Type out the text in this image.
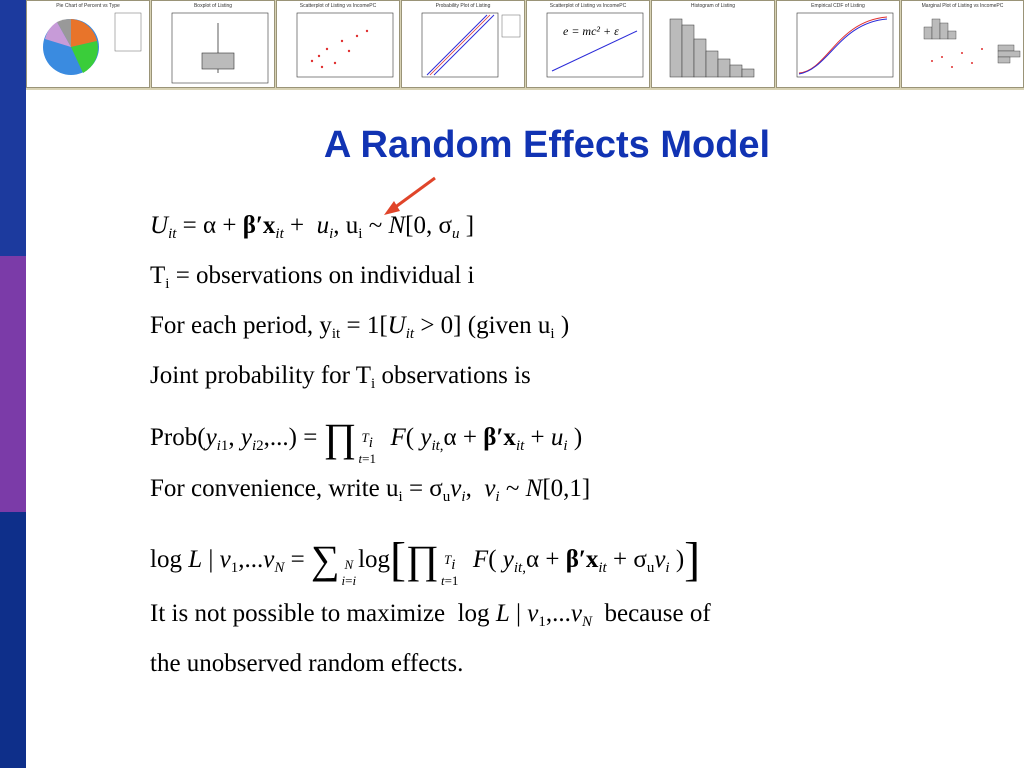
Pie Chart of Percent vs Type	Boxplot of Listing	Scatterplot of Listing vs IncomePC	Probability Plot of Listing	Scatterplot of Listing vs IncomePC
e = mc² + ε
Histogram of Listing	Empirical CDF of Listing	Marginal Plot of Listing vs IncomePC
A Random Effects Model
$U_{it} = \alpha + \beta'x_{it} + u_i$, $u_i$ ~ N[0, $\sigma_u$ ]
$T_i$ = observations on individual i
For each period, $y_{it} = 1[U_{it} > 0]$ (given $u_i$ )
Joint probability for $T_i$ observations is
$Prob(y_{i1}$, $y_{i2}$,...) = ∏ $T_i$
t=1  F( $y_{it,}\alpha + \beta'x_{it} + u_i$ )
For convenience, write $u_i = \sigma_uv_i$,  $v_i$ ~ N[0,1]
log L | $v_1,...v_N$ = ∑ N
i=ilog[∏ $T_i$
t=1  F( $y_{it,}\alpha + \beta'x_{it} + \sigma_uv_i$ )]
It is not possible to maximize  log L | $v_1,...v_N$ because of
the unobserved random effects.
